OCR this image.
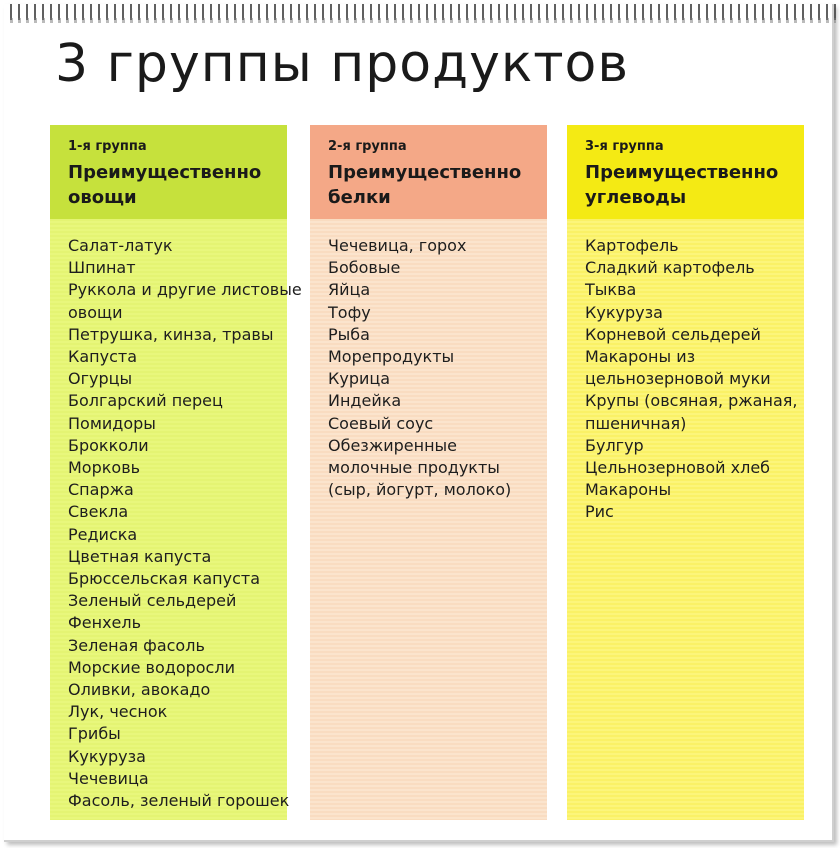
3 группы продуктов
1-я группа
Преимущественно
овощи
Салат-латук
Шпинат
Руккола и другие листовые
овощи
Петрушка, кинза, травы
Капуста
Огурцы
Болгарский перец
Помидоры
Брокколи
Морковь
Спаржа
Свекла
Редиска
Цветная капуста
Брюссельская капуста
Зеленый сельдерей
Фенхель
Зеленая фасоль
Морские водоросли
Оливки, авокадо
Лук, чеснок
Грибы
Кукуруза
Чечевица
Фасоль, зеленый горошек
2-я группа
Преимущественно
белки
Чечевица, горох
Бобовые
Яйца
Тофу
Рыба
Морепродукты
Курица
Индейка
Соевый соус
Обезжиренные
молочные продукты
(сыр, йогурт, молоко)
3-я группа
Преимущественно
углеводы
Картофель
Сладкий картофель
Тыква
Кукуруза
Корневой сельдерей
Макароны из
цельнозерновой муки
Крупы (овсяная, ржаная,
пшеничная)
Булгур
Цельнозерновой хлеб
Макароны
Рис
